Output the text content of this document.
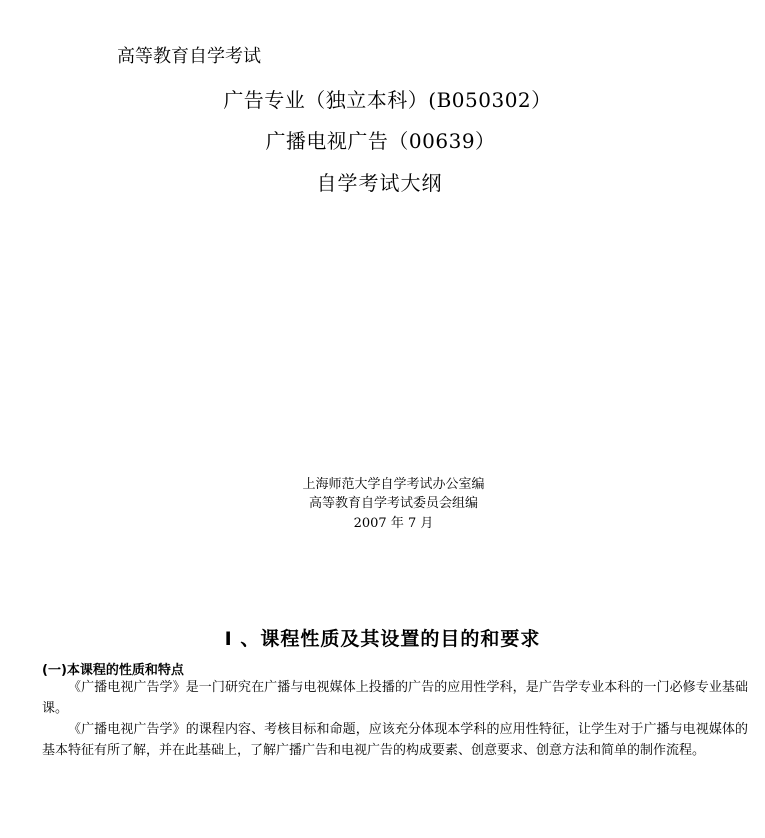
高等教育自学考试
广告专业（独立本科）(B050302）
广播电视广告（00639）
自学考试大纲
上海师范大学自学考试办公室编
高等教育自学考试委员会组编
2007 年 7 月
Ⅰ 、课程性质及其设置的目的和要求
(一)本课程的性质和特点

《广播电视广告学》是一门研究在广播与电视媒体上投播的广告的应用性学科，是广告学专业本科的一门必修专业基础课。

《广播电视广告学》的课程内容、考核目标和命题，应该充分体现本学科的应用性特征，让学生对于广播与电视媒体的基本特征有所了解，并在此基础上，了解广播广告和电视广告的构成要素、创意要求、创意方法和简单的制作流程。
